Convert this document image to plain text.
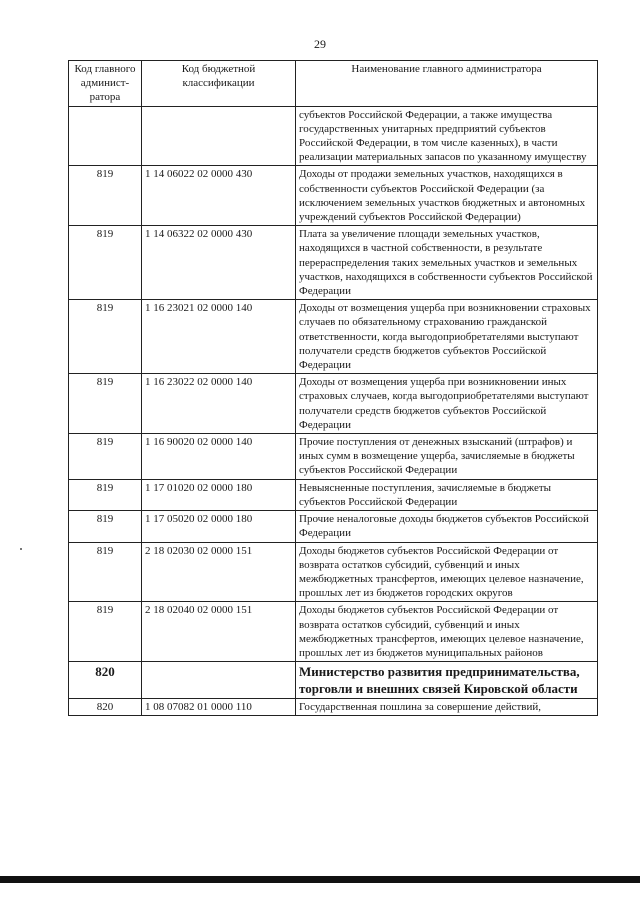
29
Код главного админист-ратора	Код бюджетной классификации	Наименование главного администратора
		субъектов Российской Федерации, а также имущества государственных унитарных предприятий субъектов Российской Федерации, в том числе казенных), в части реализации материальных запасов по указанному имуществу
819	1 14 06022 02 0000 430	Доходы от продажи земельных участков, находящихся в собственности субъектов Российской Федерации (за исключением земельных участков бюджетных и автономных учреждений субъектов Российской Федерации)
819	1 14 06322 02 0000 430	Плата за увеличение площади земельных участков, находящихся в частной собственности, в результате перераспределения таких земельных участков и земельных участков, находящихся в собственности субъектов Российской Федерации
819	1 16 23021 02 0000 140	Доходы от возмещения ущерба при возникновении страховых случаев по обязательному страхованию гражданской ответственности, когда выгодоприобретателями выступают получатели средств бюджетов субъектов Российской Федерации
819	1 16 23022 02 0000 140	Доходы от возмещения ущерба при возникновении иных страховых случаев, когда выгодоприобретателями выступают получатели средств бюджетов субъектов Российской Федерации
819	1 16 90020 02 0000 140	Прочие поступления от денежных взысканий (штрафов) и иных сумм в возмещение ущерба, зачисляемые в бюджеты субъектов Российской Федерации
819	1 17 01020 02 0000 180	Невыясненные поступления, зачисляемые в бюджеты субъектов Российской Федерации
819	1 17 05020 02 0000 180	Прочие неналоговые доходы бюджетов субъектов Российской Федерации
819	2 18 02030 02 0000 151	Доходы бюджетов субъектов Российской Федерации от возврата остатков субсидий, субвенций и иных межбюджетных трансфертов, имеющих целевое назначение, прошлых лет из бюджетов городских округов
819	2 18 02040 02 0000 151	Доходы бюджетов субъектов Российской Федерации от возврата остатков субсидий, субвенций и иных межбюджетных трансфертов, имеющих целевое назначение, прошлых лет из бюджетов муниципальных районов
820		Министерство развития предпринимательства, торговли и внешних связей Кировской области
820	1 08 07082 01 0000 110	Государственная пошлина за совершение действий,
